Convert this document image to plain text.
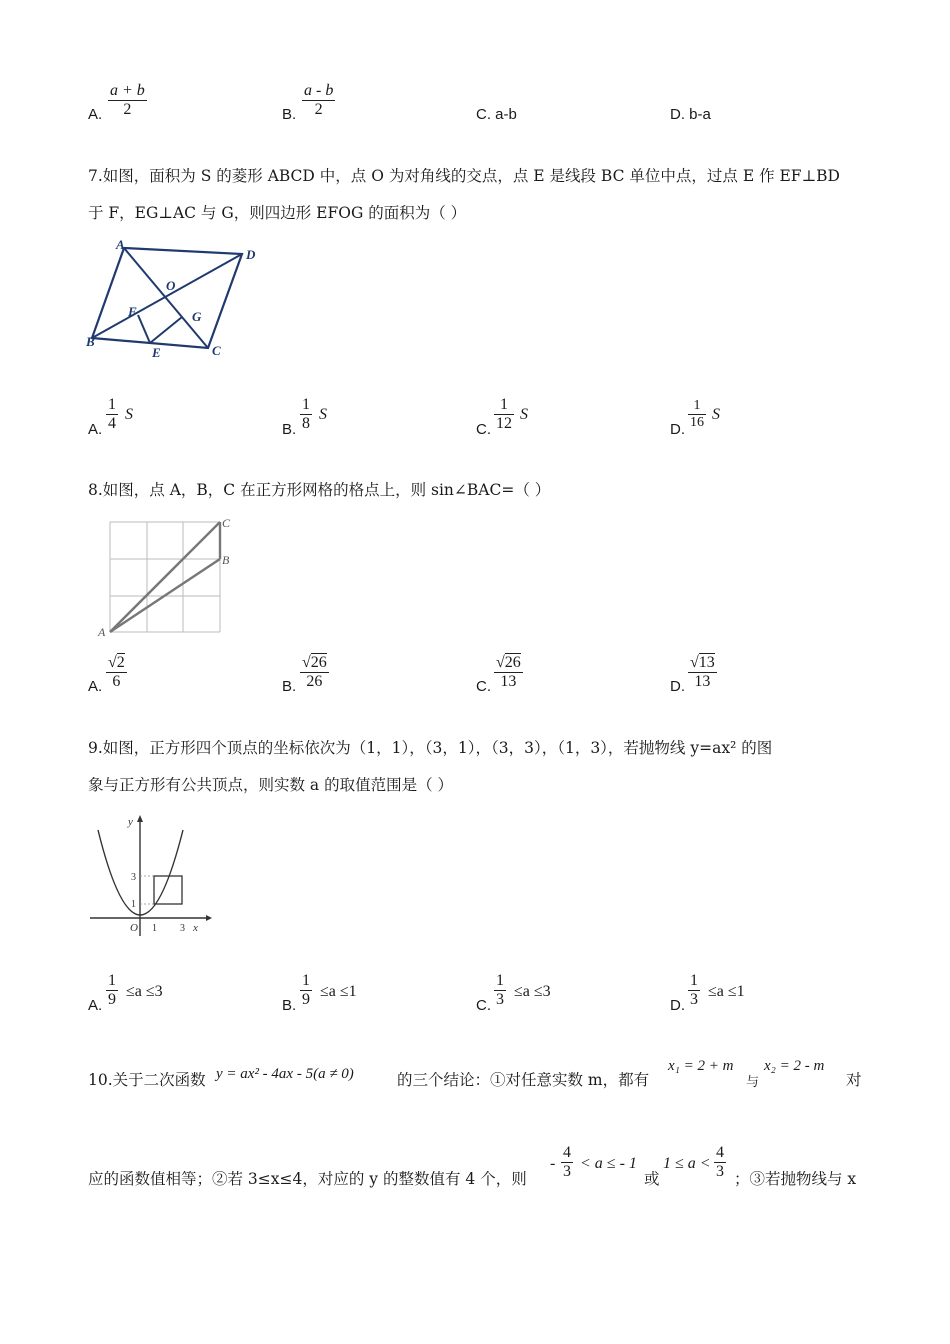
A. $\frac{a + b}{2}$	B. $\frac{a - b}{2}$	C. a-b	D. b-a
7.如图，面积为 S 的菱形 ABCD 中，点 O 为对角线的交点，点 E 是线段 BC 单位中点，过点 E 作 EF⊥BD
于 F，EG⊥AC 与 G，则四边形 EFOG 的面积为（ ）
A
D
O
F	G
B
E	C
A. $\frac{1}{4}$ S
B. $\frac{1}{8}$ S
C. $\frac{1}{12}$ S
D. $\frac{1}{16}$ S
8.如图，点 A，B，C 在正方形网格的格点上，则 sin∠BAC=（ ）
C
B
A
A. $\frac{√2}{6}$	B. $\frac{√26}{26}$	C. $\frac{√26}{13}$	D. $\frac{√13}{13}$
9.如图，正方形四个顶点的坐标依次为（1，1），（3，1），（3，3），（1，3），若抛物线 y=ax² 的图
象与正方形有公共顶点，则实数 a 的取值范围是（ ）
y
3
1
O 1 3 x
A. $\frac{1}{9} \le a \le 3$
B. $\frac{1}{9} \le a \le 1$
C. $\frac{1}{3} \le a \le 3$
D. $\frac{1}{3} \le a \le 1$
10.关于二次函数 y = ax² - 4ax - 5(a ≠ 0)	的三个结论：①对任意实数 m，都有
x₁ = 2 + m
与
x₂ = 2 - m
对
应的函数值相等；②若 3≤x≤4，对应的 y 的整数值有 4 个，则
- $\frac{4}{3} < a$ ≤ - 1
或
$1 \le a < \frac{4}{3}$ ；③若抛物线与 x
